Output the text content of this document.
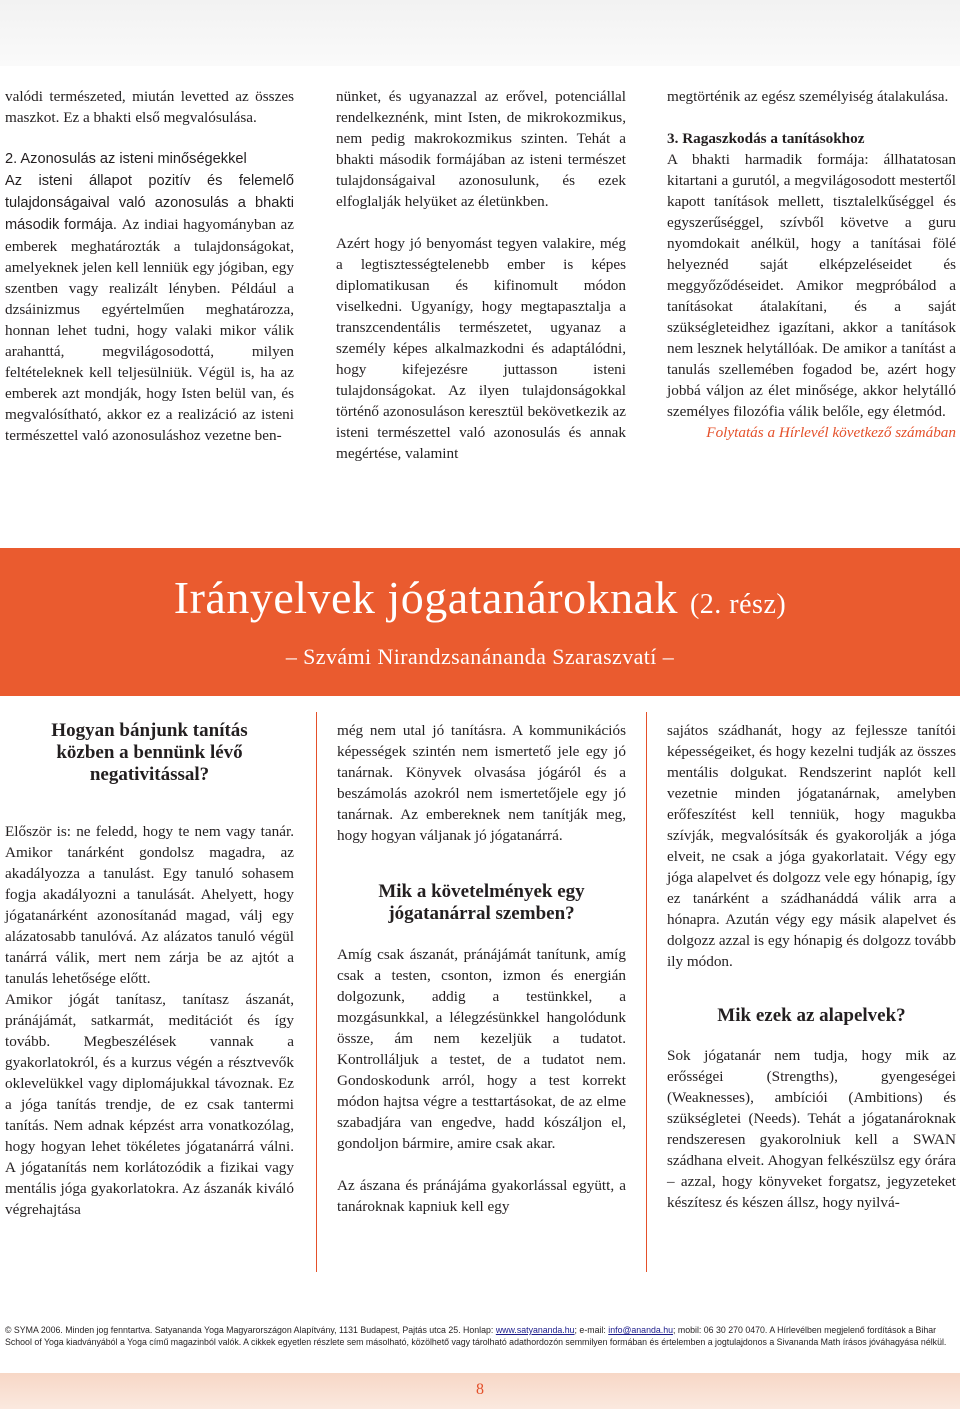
valódi természeted, miután levetted az összes maszkot. Ez a bhakti első megvalósulása.

2. Azonosulás az isteni minőségekkel

Az isteni állapot pozitív és felemelő tulajdonságaival való azonosulás a bhakti második formája. Az indiai hagyományban az emberek meghatározták a tulajdonságokat, amelyeknek jelen kell lenniük egy jógiban, egy szentben vagy realizált lényben. Például a dzsáinizmus egyértelműen meghatározza, honnan lehet tudni, hogy valaki mikor válik arahanttá, megvilágosodottá, milyen feltételeknek kell teljesülniük. Végül is, ha az emberek azt mondják, hogy Isten belül van, és megvalósítható, akkor ez a realizáció az isteni természettel való azonosuláshoz vezetne ben-

nünket, és ugyanazzal az erővel, potenciállal rendelkeznénk, mint Isten, de mikrokozmikus, nem pedig makrokozmikus szinten. Tehát a bhakti második formájában az isteni természet tulajdonságaival azonosulunk, és ezek elfoglalják helyüket az életünkben.

Azért hogy jó benyomást tegyen valakire, még a legtisztességtelenebb ember is képes diplomatikusan és kifinomult módon viselkedni. Ugyanígy, hogy megtapasztalja a transzcendentális természetet, ugyanaz a személy képes alkalmazkodni és adaptálódni, hogy kifejezésre juttasson isteni tulajdonságokat. Az ilyen tulajdonságokkal történő azonosuláson keresztül bekövetkezik az isteni természettel való azonosulás és annak megértése, valamint

megtörténik az egész személyiség átalakulása.

3. Ragaszkodás a tanításokhoz

A bhakti harmadik formája: állhatatosan kitartani a gurutól, a megvilágosodott mestertől kapott tanítások mellett, tisztalelkűséggel és egyszerűséggel, szívből követve a guru nyomdokait anélkül, hogy a tanításai fölé helyeznéd saját elképzeléseidet és meggyőződéseidet. Amikor megpróbálod a tanításokat átalakítani, és a saját szükségleteidhez igazítani, akkor a tanítások nem lesznek helytállóak. De amikor a tanítást a tanulás szellemében fogadod be, azért hogy jobbá váljon az élet minősége, akkor helytálló személyes filozófia válik belőle, egy életmód.

Folytatás a Hírlevél következő számában

Irányelvek jógatanároknak (2. rész)
– Szvámi Nirandzsanánanda Szaraszvatí –

Hogyan bánjunk tanítás közben a bennünk lévő negativitással?

Először is: ne feledd, hogy te nem vagy tanár. Amikor tanárként gondolsz magadra, az akadályozza a tanulást. Egy tanuló sohasem fogja akadályozni a tanulását. Ahelyett, hogy jógatanárként azonosítanád magad, válj egy alázatosabb tanulóvá. Az alázatos tanuló végül tanárrá válik, mert nem zárja be az ajtót a tanulás lehetősége előtt.

Amikor jógát tanítasz, tanítasz ászanát, pránájámát, satkarmát, meditációt és így tovább. Megbeszélések vannak a gyakorlatokról, és a kurzus végén a résztvevők oklevelükkel vagy diplomájukkal távoznak. Ez a jóga tanítás trendje, de ez csak tantermi tanítás. Nem adnak képzést arra vonatkozólag, hogy hogyan lehet tökéletes jógatanárrá válni. A jógatanítás nem korlátozódik a fizikai vagy mentális jóga gyakorlatokra. Az ászanák kiváló végrehajtása

még nem utal jó tanításra. A kommunikációs képességek szintén nem ismertető jele egy jó tanárnak. Könyvek olvasása jógáról és a beszámolás azokról nem ismertetőjele egy jó tanárnak. Az embereknek nem tanítják meg, hogy hogyan váljanak jó jógatanárrá.

Mik a követelmények egy jógatanárral szemben?

Amíg csak ászanát, pránájámát tanítunk, amíg csak a testen, csonton, izmon és energián dolgozunk, addig a testünkkel, a mozgásunkkal, a lélegzésünkkel hangolódunk össze, ám nem kezeljük a tudatot. Kontrolláljuk a testet, de a tudatot nem. Gondoskodunk arról, hogy a test korrekt módon hajtsa végre a testtartásokat, de az elme szabadjára van engedve, hadd kószáljon el, gondoljon bármire, amire csak akar.

Az ászana és pránájáma gyakorlással együtt, a tanároknak kapniuk kell egy

sajátos szádhanát, hogy az fejlessze tanítói képességeiket, és hogy kezelni tudják az összes mentális dolgukat. Rendszerint naplót kell vezetnie minden jógatanárnak, amelyben erőfeszítést kell tenniük, hogy magukba szívják, megvalósítsák és gyakorolják a jóga elveit, ne csak a jóga gyakorlatait. Végy egy jóga alapelvet és dolgozz vele egy hónapig, így ez tanárként a szádhanáddá válik arra a hónapra. Azután végy egy másik alapelvet és dolgozz azzal is egy hónapig és dolgozz tovább ily módon.

Mik ezek az alapelvek?

Sok jógatanár nem tudja, hogy mik az erősségei (Strengths), gyengeségei (Weaknesses), ambíciói (Ambitions) és szükségletei (Needs). Tehát a jógatanároknak rendszeresen gyakorolniuk kell a SWAN szádhana elveit. Ahogyan felkészülsz egy órára – azzal, hogy könyveket forgatsz, jegyzeteket készítesz és készen állsz, hogy nyilvá-

© SYMA 2006. Minden jog fenntartva. Satyananda Yoga Magyarországon Alapítvány, 1131 Budapest, Pajtás utca 25. Honlap: www.satyananda.hu; e-mail: info@ananda.hu; mobil: 06 30 270 0470. A Hírlevélben megjelenő fordítások a Bihar School of Yoga kiadványából a Yoga című magazinból valók. A cikkek egyetlen részlete sem másolható, közölhető vagy tárolható adathordozón semmilyen formában és értelemben a jogtulajdonos a Sivananda Math írásos jóváhagyása nélkül.
8
